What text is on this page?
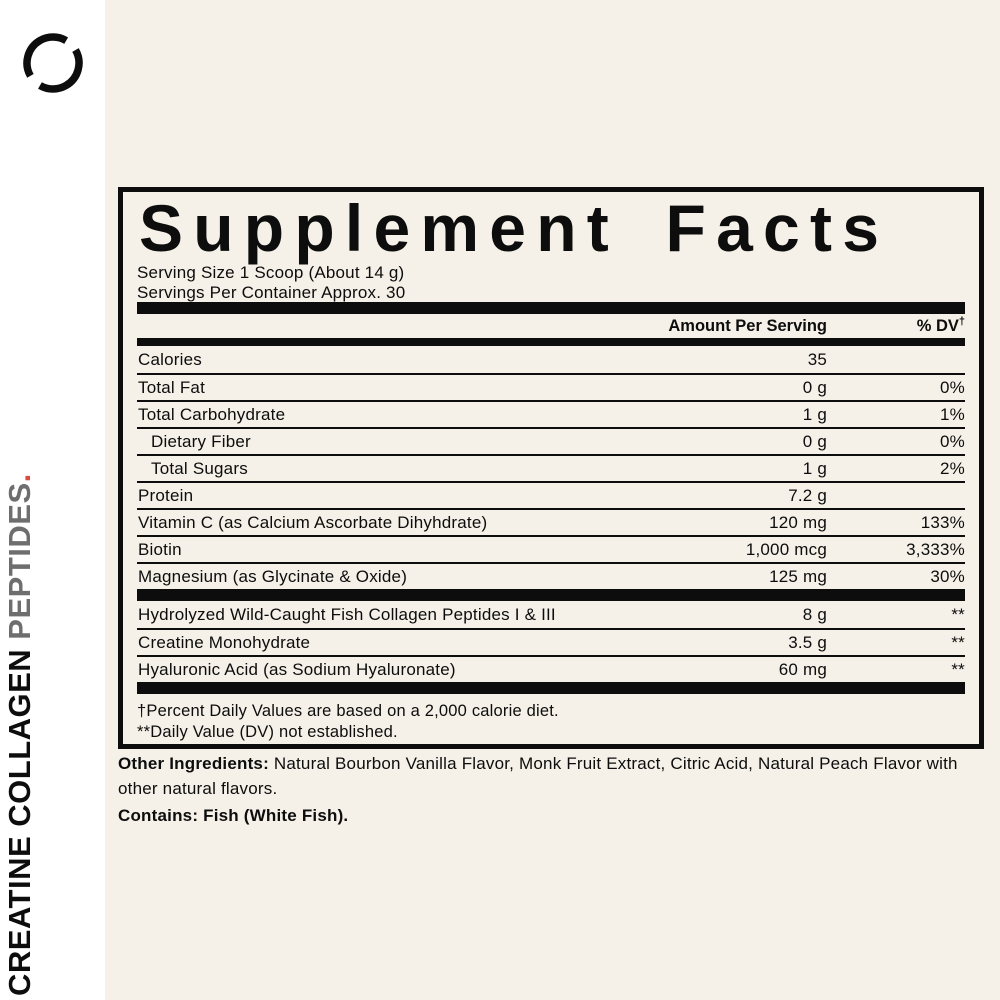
CREATINE COLLAGEN PEPTIDES.
Supplement Facts
Serving Size 1 Scoop (About 14 g)
Servings Per Container Approx. 30
Amount Per Serving	% DV†
Calories	35
Total Fat	0 g	0%
Total Carbohydrate	1 g	1%
Dietary Fiber	0 g	0%
Total Sugars	1 g	2%
Protein	7.2 g
Vitamin C (as Calcium Ascorbate Dihyhdrate)	120 mg	133%
Biotin	1,000 mcg	3,333%
Magnesium (as Glycinate & Oxide)	125 mg	30%
Hydrolyzed Wild-Caught Fish Collagen Peptides I & III	8 g	**
Creatine Monohydrate	3.5 g	**
Hyaluronic Acid (as Sodium Hyaluronate)	60 mg	**
†Percent Daily Values are based on a 2,000 calorie diet.
**Daily Value (DV) not established.
Other Ingredients: Natural Bourbon Vanilla Flavor, Monk Fruit Extract, Citric Acid, Natural Peach Flavor with other natural flavors.
Contains: Fish (White Fish).
